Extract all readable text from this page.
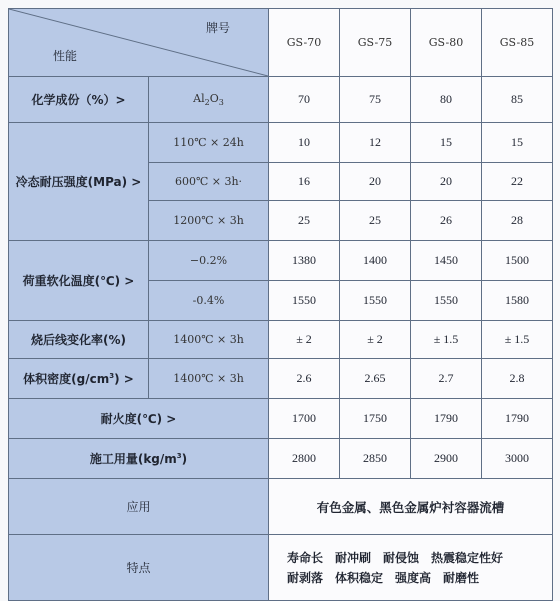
牌号
性能		GS-70	GS-75	GS-80	GS-85
化学成份（%）>	$Al_2O_3$	70	75	80	85
冷态耐压强度(MPa) >	110℃ × 24h	10	12	15	15
	600℃ × 3h·	16	20	20	22
	1200℃ × 3h	25	25	26	28
荷重软化温度(℃) >	−0.2%	1380	1400	1450	1500
	-0.4%	1550	1550	1550	1580
烧后线变化率(%)	1400℃ × 3h	± 2	± 2	± 1.5	± 1.5
体积密度$(g/cm^3)$ >	1400℃ × 3h	2.6	2.65	2.7	2.8
耐火度(℃) >		1700	1750	1790	1790
施工用量$(kg/m^3)$		2800	2850	2900	3000
应用		有色金属、黑色金属炉衬容器流槽			
特点		寿命长　耐冲刷　耐侵蚀　热震稳定性好
耐剥落　体积稳定　强度高　耐磨性			
